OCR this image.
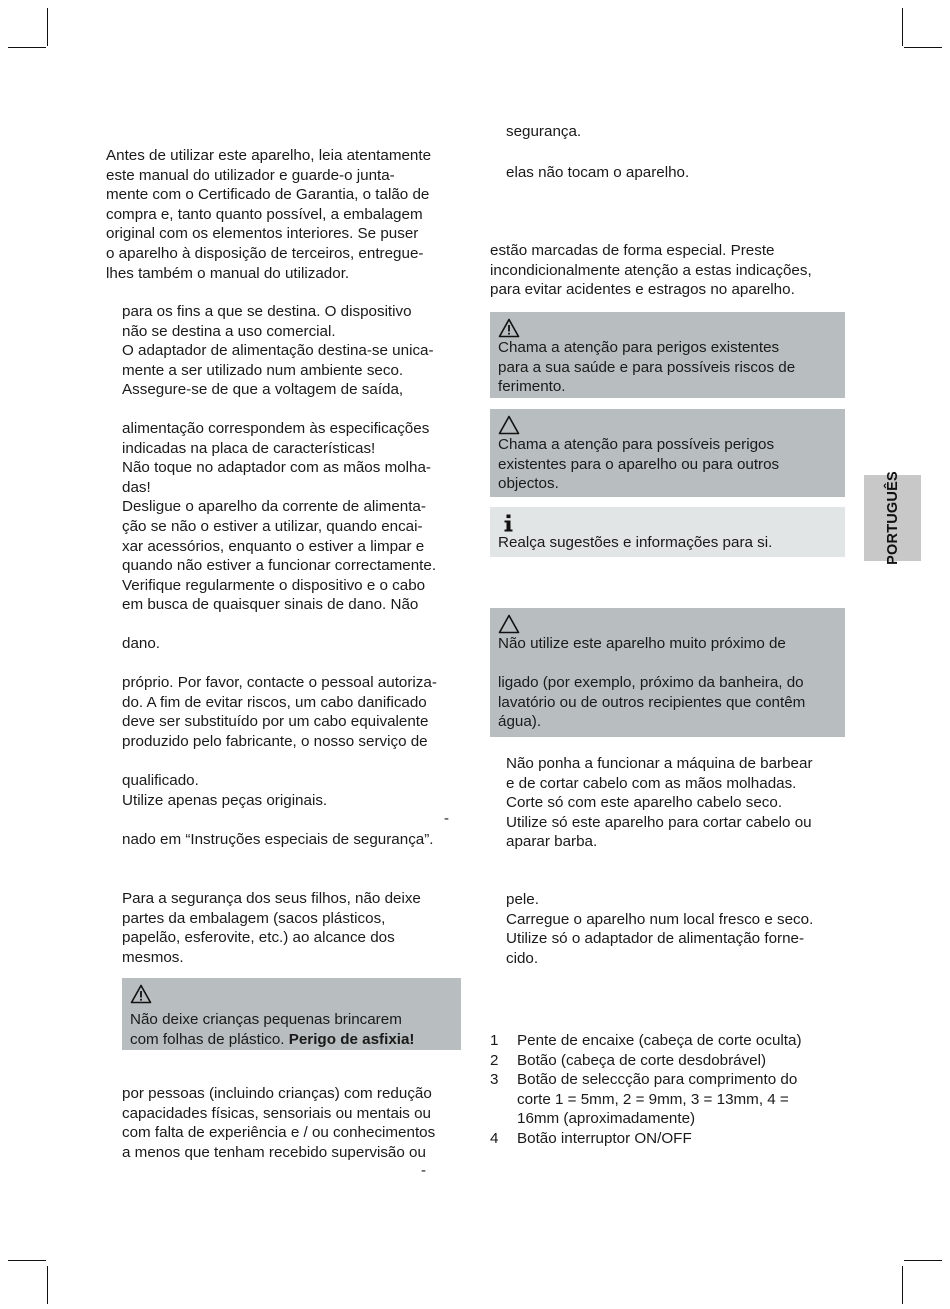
Antes de utilizar este aparelho, leia atentamente
este manual do utilizador e guarde-o junta-
mente com o Certificado de Garantia, o talão de
compra e, tanto quanto possível, a embalagem
original com os elementos interiores. Se puser
o aparelho à disposição de terceiros, entregue-
lhes também o manual do utilizador.

para os fins a que se destina. O dispositivo
não se destina a uso comercial.
O adaptador de alimentação destina-se unica-
mente a ser utilizado num ambiente seco.
Assegure-se de que a voltagem de saída,

alimentação correspondem às especificações
indicadas na placa de características!
Não toque no adaptador com as mãos molha-
das!
Desligue o aparelho da corrente de alimenta-
ção se não o estiver a utilizar, quando encai-
xar acessórios, enquanto o estiver a limpar e
quando não estiver a funcionar correctamente.
Verifique regularmente o dispositivo e o cabo
em busca de quaisquer sinais de dano. Não

dano.

próprio. Por favor, contacte o pessoal autoriza-
do. A fim de evitar riscos, um cabo danificado
deve ser substituído por um cabo equivalente
produzido pelo fabricante, o nosso serviço de

qualificado.
Utilize apenas peças originais.

-

nado em “Instruções especiais de segurança”.

Para a segurança dos seus filhos, não deixe
partes da embalagem (sacos plásticos,
papelão, esferovite, etc.) ao alcance dos
mesmos.

Não deixe crianças pequenas brincarem
com folhas de plástico. Perigo de asfixia!

por pessoas (incluindo crianças) com redução
capacidades físicas, sensoriais ou mentais ou
com falta de experiência e / ou conhecimentos
a menos que tenham recebido supervisão ou

-

segurança.

elas não tocam o aparelho.

estão marcadas de forma especial. Preste
incondicionalmente atenção a estas indicações,
para evitar acidentes e estragos no aparelho.

Chama a atenção para perigos existentes
para a sua saúde e para possíveis riscos de
ferimento.

Chama a atenção para possíveis perigos
existentes para o aparelho ou para outros
objectos.

Realça sugestões e informações para si.

Não utilize este aparelho muito próximo de

ligado (por exemplo, próximo da banheira, do
lavatório ou de outros recipientes que contêm
água).

Não ponha a funcionar a máquina de barbear
e de cortar cabelo com as mãos molhadas.
Corte só com este aparelho cabelo seco.
Utilize só este aparelho para cortar cabelo ou
aparar barba.

pele.
Carregue o aparelho num local fresco e seco.
Utilize só o adaptador de alimentação forne-
cido.

1	Pente de encaixe (cabeça de corte oculta)
2	Botão (cabeça de corte desdobrável)
3	Botão de seleccção para comprimento do
corte 1 = 5mm, 2 = 9mm, 3 = 13mm, 4 =
16mm (aproximadamente)
4	Botão interruptor ON/OFF
PORTUGUÊS
